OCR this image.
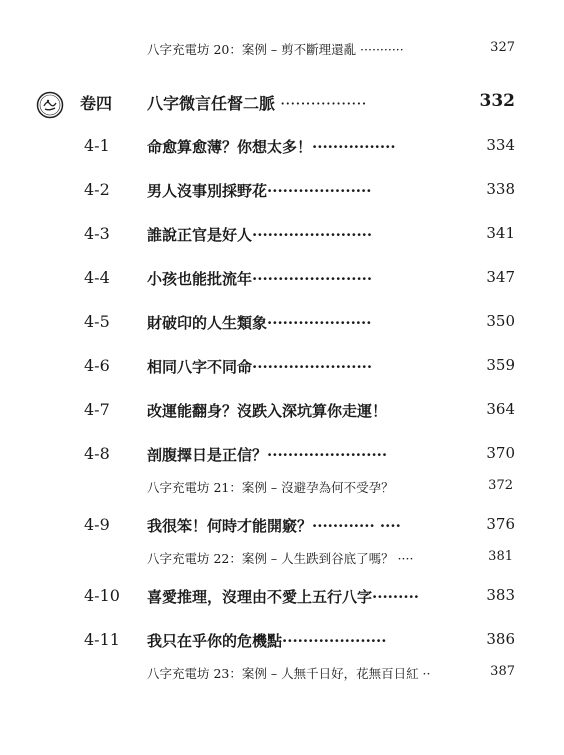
八字充電坊 20：案例 – 剪不斷理還亂 ···········	327
卷四 八字微言任督二脈 ·················	332
4-1 命愈算愈薄？你想太多！················	334
4-2 男人沒事別採野花····················	338
4-3 誰說正官是好人·······················	341
4-4 小孩也能批流年·······················	347
4-5 財破印的人生類象····················	350
4-6 相同八字不同命·······················	359
4-7 改運能翻身？沒跌入深坑算你走運！	364
4-8 剖腹擇日是正信？·······················	370
八字充電坊 21：案例 – 沒避孕為何不受孕？	372
4-9 我很笨！何時才能開竅？············ ····	376
八字充電坊 22：案例 – 人生跌到谷底了嗎？ ····	381
4-10 喜愛推理，沒理由不愛上五行八字·········	383
4-11 我只在乎你的危機點····················	386
八字充電坊 23：案例 – 人無千日好，花無百日紅 ··	387
